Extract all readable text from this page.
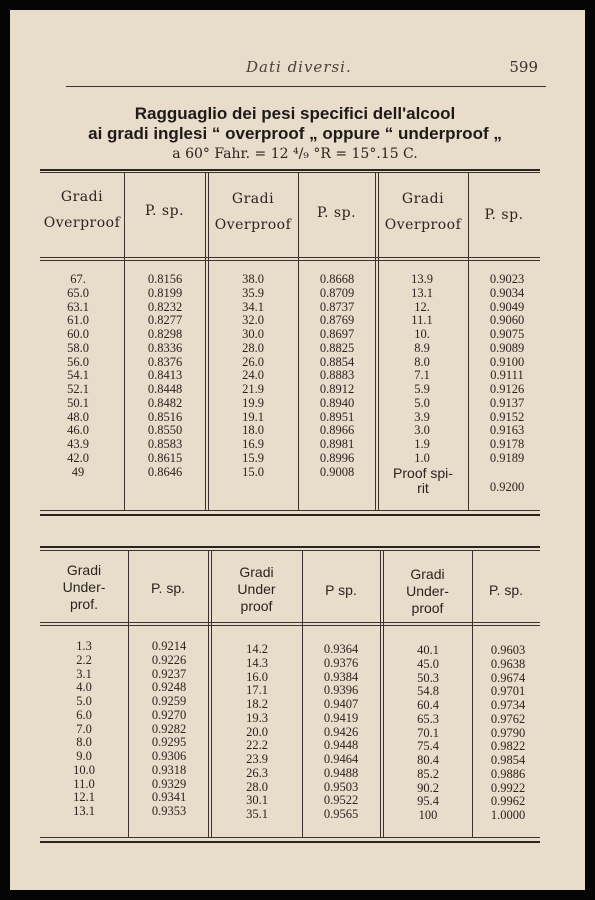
Dati diversi.	599
Ragguaglio dei pesi specifici dell'alcool
ai gradi inglesi “ overproof „ oppure “ underproof „
a 60° Fahr. = 12 ⁴/₉ °R = 15°.15 C.
Gradi
Overproof
P. sp.
Gradi
Overproof
P. sp.
Gradi
Overproof
P. sp.
67.
65.0
63.1
61.0
60.0
58.0
56.0
54.1
52.1
50.1
48.0
46.0
43.9
42.0
49
0.8156
0.8199
0.8232
0.8277
0.8298
0.8336
0.8376
0.8413
0.8448
0.8482
0.8516
0.8550
0.8583
0.8615
0.8646
38.0
35.9
34.1
32.0
30.0
28.0
26.0
24.0
21.9
19.9
19.1
18.0
16.9
15.9
15.0
0.8668
0.8709
0.8737
0.8769
0.8697
0.8825
0.8854
0.8883
0.8912
0.8940
0.8951
0.8966
0.8981
0.8996
0.9008
13.9
13.1
12.
11.1
10.
8.9
8.0
7.1
5.9
5.0
3.9
3.0
1.9
1.0
0.9023
0.9034
0.9049
0.9060
0.9075
0.9089
0.9100
0.9111
0.9126
0.9137
0.9152
0.9163
0.9178
0.9189
Proof spi-
rit	0.9200
Gradi
Under-
prof.
P. sp.
Gradi
Under
proof
P sp.
Gradi
Under-
proof
P. sp.
1.3
2.2
3.1
4.0
5.0
6.0
7.0
8.0
9.0
10.0
11.0
12.1
13.1
0.9214
0.9226
0.9237
0.9248
0.9259
0.9270
0.9282
0.9295
0.9306
0.9318
0.9329
0.9341
0.9353
14.2
14.3
16.0
17.1
18.2
19.3
20.0
22.2
23.9
26.3
28.0
30.1
35.1
0.9364
0.9376
0.9384
0.9396
0.9407
0.9419
0.9426
0.9448
0.9464
0.9488
0.9503
0.9522
0.9565
40.1
45.0
50.3
54.8
60.4
65.3
70.1
75.4
80.4
85.2
90.2
95.4
100
0.9603
0.9638
0.9674
0.9701
0.9734
0.9762
0.9790
0.9822
0.9854
0.9886
0.9922
0.9962
1.0000
